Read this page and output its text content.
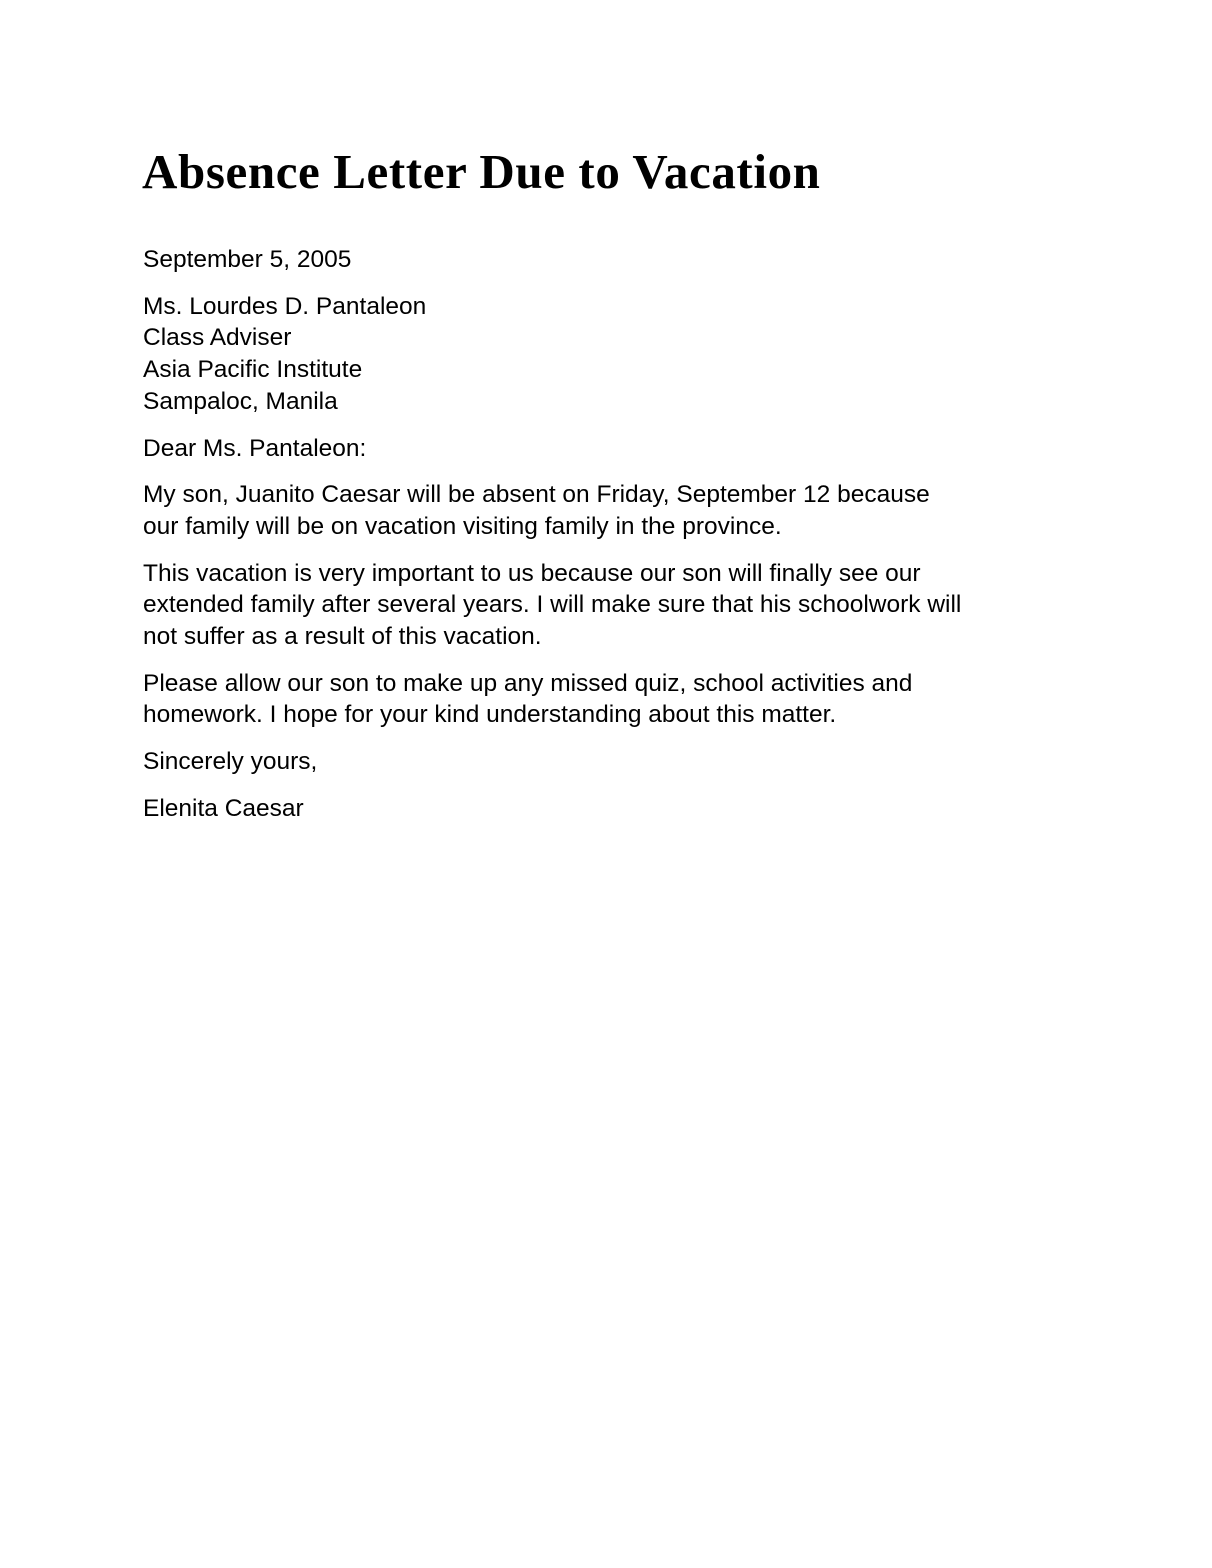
Absence Letter Due to Vacation

September 5, 2005

Ms. Lourdes D. Pantaleon
Class Adviser
Asia Pacific Institute
Sampaloc, Manila

Dear Ms. Pantaleon:

My son, Juanito Caesar will be absent on Friday, September 12 because
our family will be on vacation visiting family in the province.
This vacation is very important to us because our son will finally see our
extended family after several years. I will make sure that his schoolwork will
not suffer as a result of this vacation.
Please allow our son to make up any missed quiz, school activities and
homework. I hope for your kind understanding about this matter.

Sincerely yours,

Elenita Caesar
